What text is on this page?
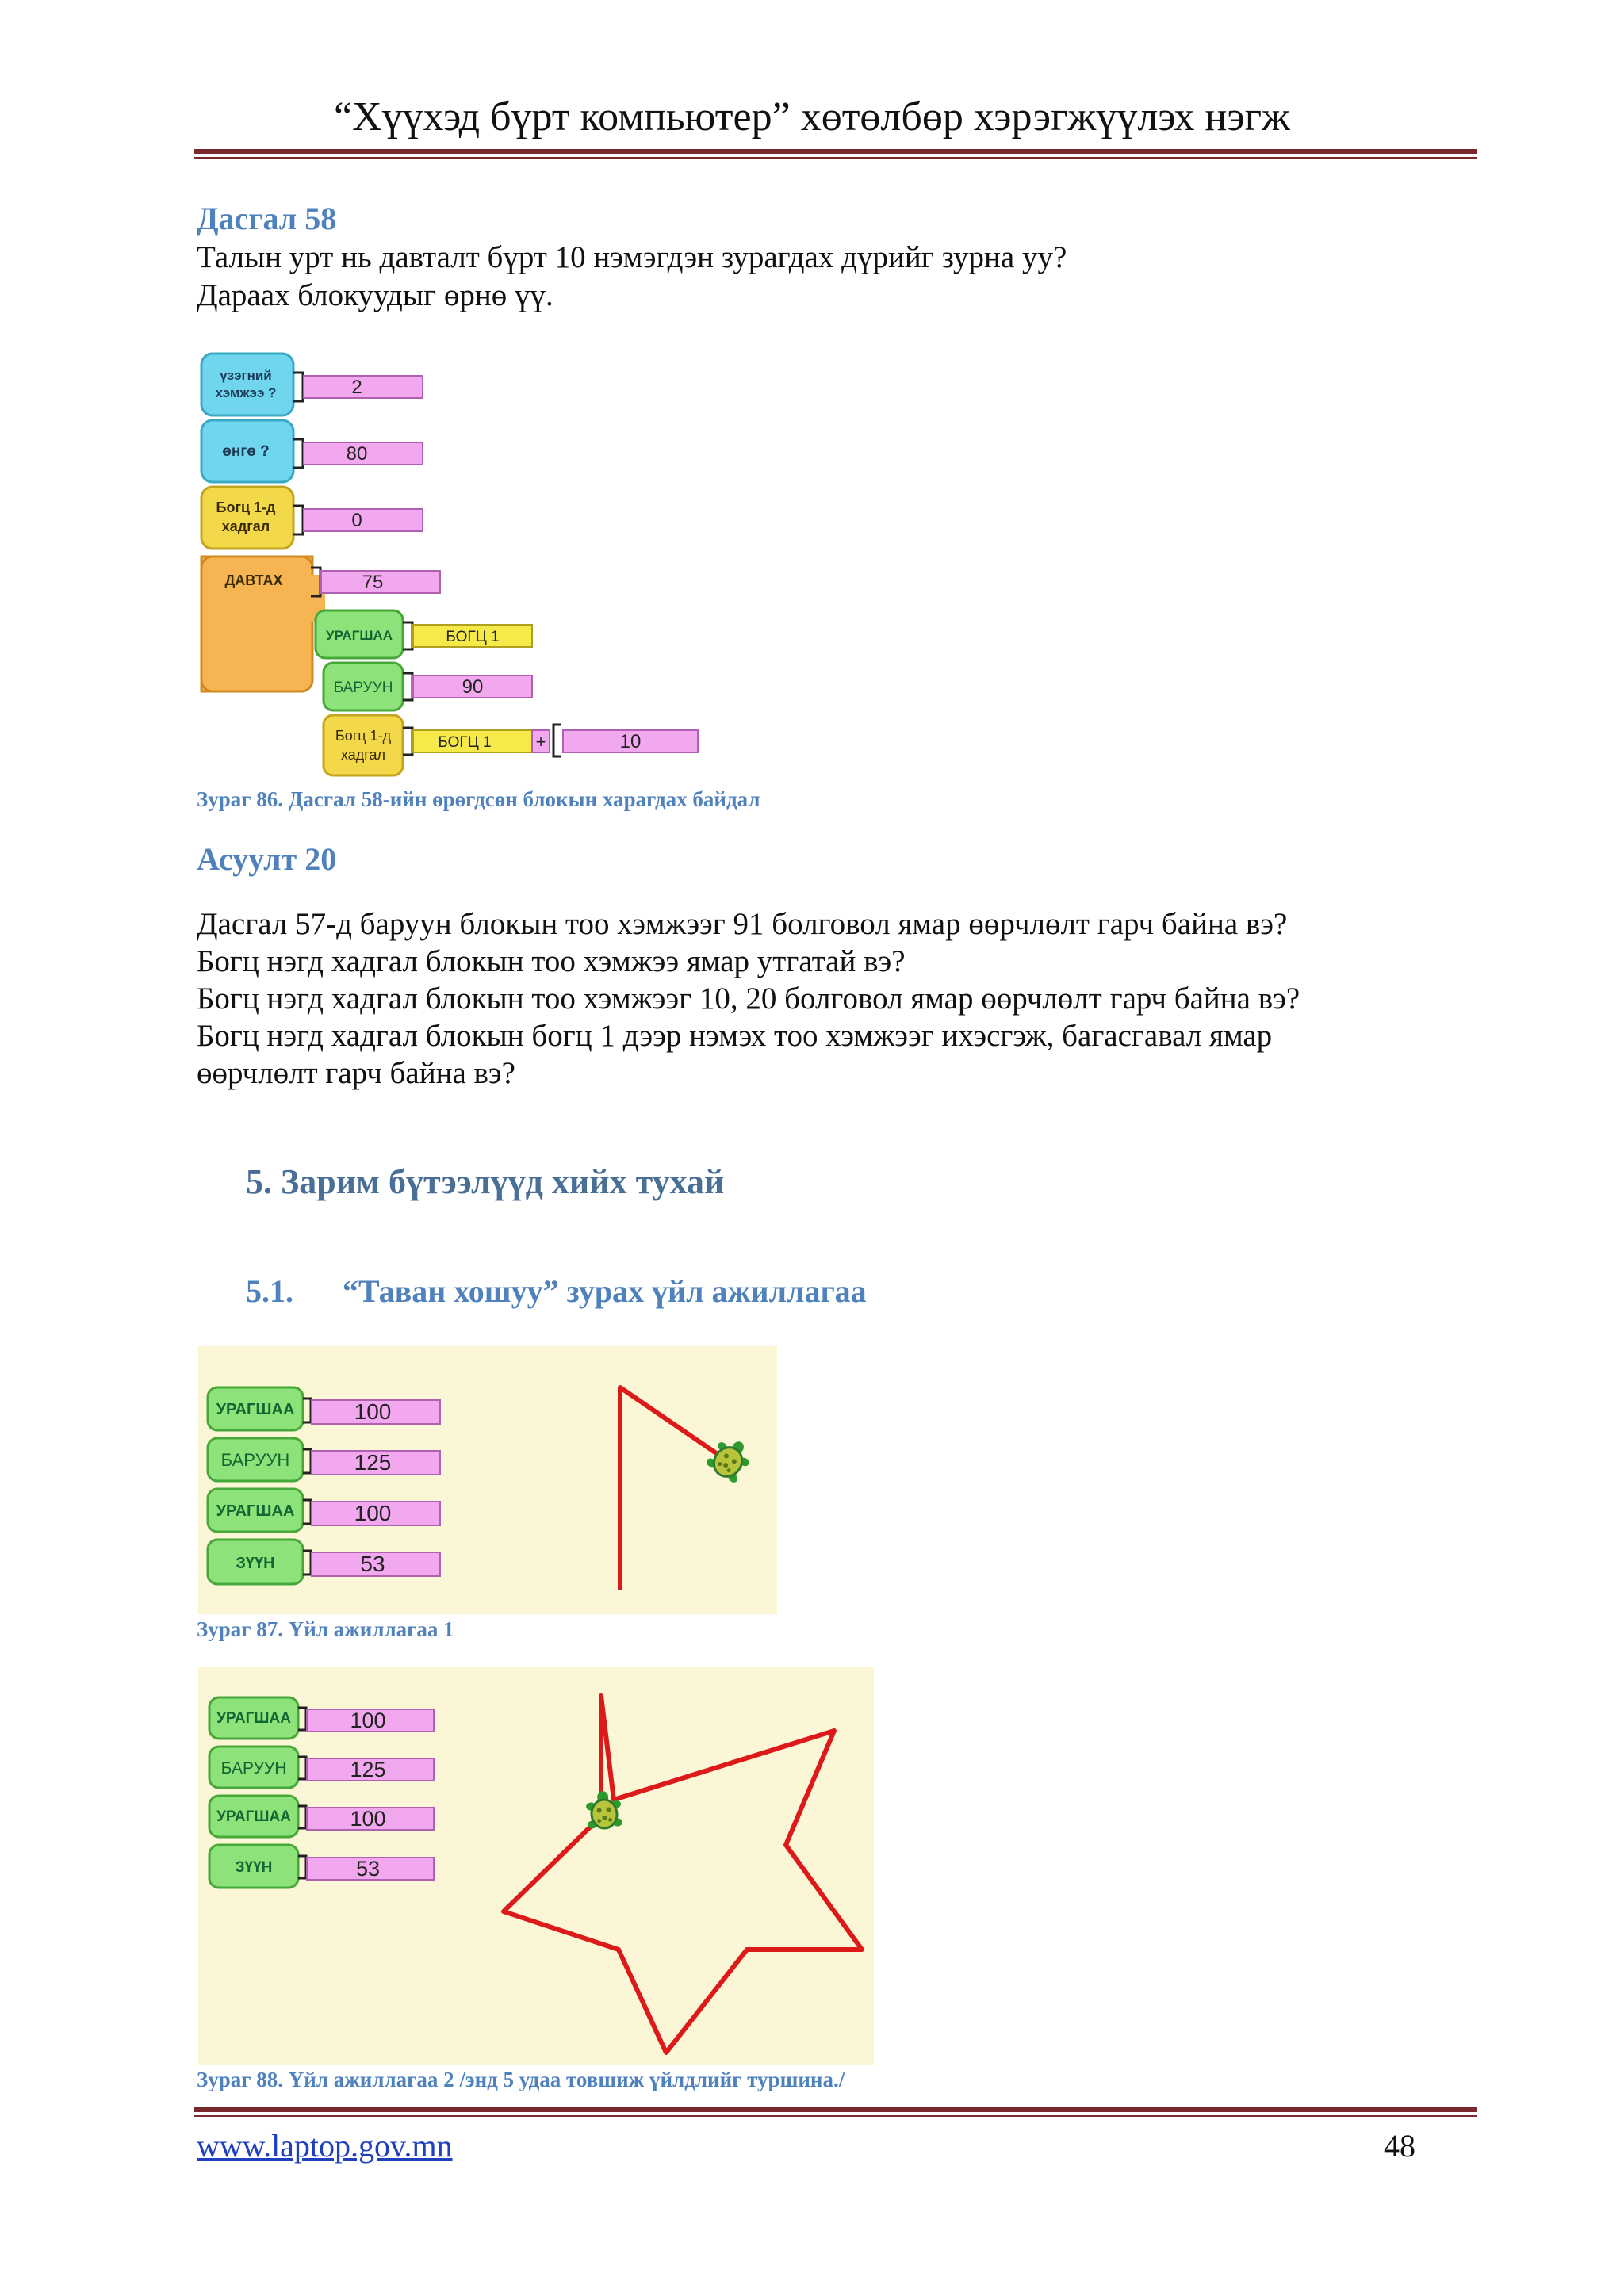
“Хүүхэд бүрт компьютер” хөтөлбөр хэрэгжүүлэх нэгж
Дасгал 58
Талын урт нь давталт бүрт 10 нэмэгдэн зурагдах дүрийг зурна уу?
Дараах блокуудыг өрнө үү.
үзэгний
хэмжээ ?	2
өнгө ?	80
Богц 1-д
хадгал	0
ДАВТАХ	75
УРАГШАА	БОГЦ 1
БАРУУН	90
Богц 1-д
хадгал
БОГЦ 1	+	10
Зураг 86. Дасгал 58-ийн өрөгдсөн блокын харагдах байдал
Асуулт 20
Дасгал 57-д баруун блокын тоо хэмжээг 91 болговол ямар өөрчлөлт гарч байна вэ?
Богц нэгд хадгал блокын тоо хэмжээ ямар утгатай вэ?
Богц нэгд хадгал блокын тоо хэмжээг 10, 20 болговол ямар өөрчлөлт гарч байна вэ?
Богц нэгд хадгал блокын богц 1 дээр нэмэх тоо хэмжээг ихэсгэж, багасгавал ямар
өөрчлөлт гарч байна вэ?
5. Зарим бүтээлүүд хийх тухай
5.1. “Таван хошуу” зурах үйл ажиллагаа
УРАГШАА	100
БАРУУН	125
УРАГШАА	100
ЗҮҮН	53
Зураг 87. Үйл ажиллагаа 1
УРАГШАА	100
БАРУУН	125
УРАГШАА	100
ЗҮҮН	53
Зураг 88. Үйл ажиллагаа 2 /энд 5 удаа товшиж үйлдлийг туршина./
www.laptop.gov.mn	48
